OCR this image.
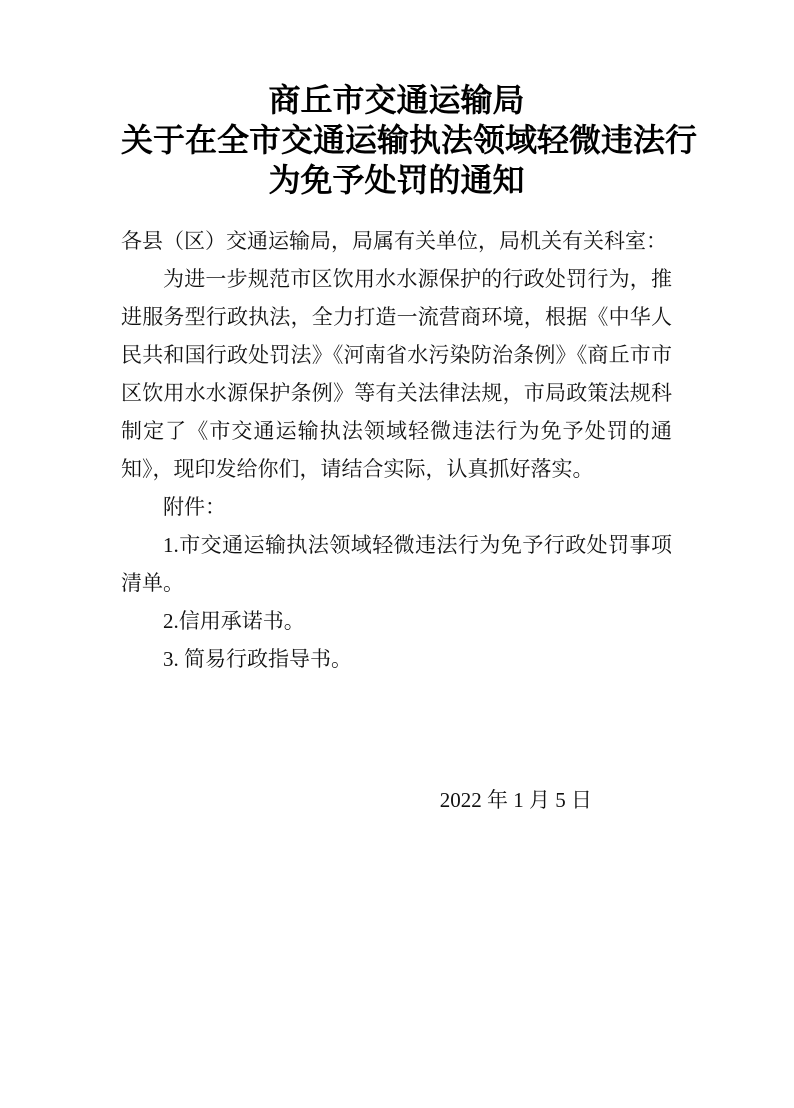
商丘市交通运输局
关于在全市交通运输执法领域轻微违法行
为免予处罚的通知

各县（区）交通运输局，局属有关单位，局机关有关科室：

为进一步规范市区饮用水水源保护的行政处罚行为，推进服务型行政执法，全力打造一流营商环境，根据《中华人民共和国行政处罚法》《河南省水污染防治条例》《商丘市市区饮用水水源保护条例》等有关法律法规，市局政策法规科制定了《市交通运输执法领域轻微违法行为免予处罚的通知》，现印发给你们，请结合实际，认真抓好落实。

附件：

1.市交通运输执法领域轻微违法行为免予行政处罚事项清单。

2.信用承诺书。

3. 简易行政指导书。

2022 年 1 月 5 日
